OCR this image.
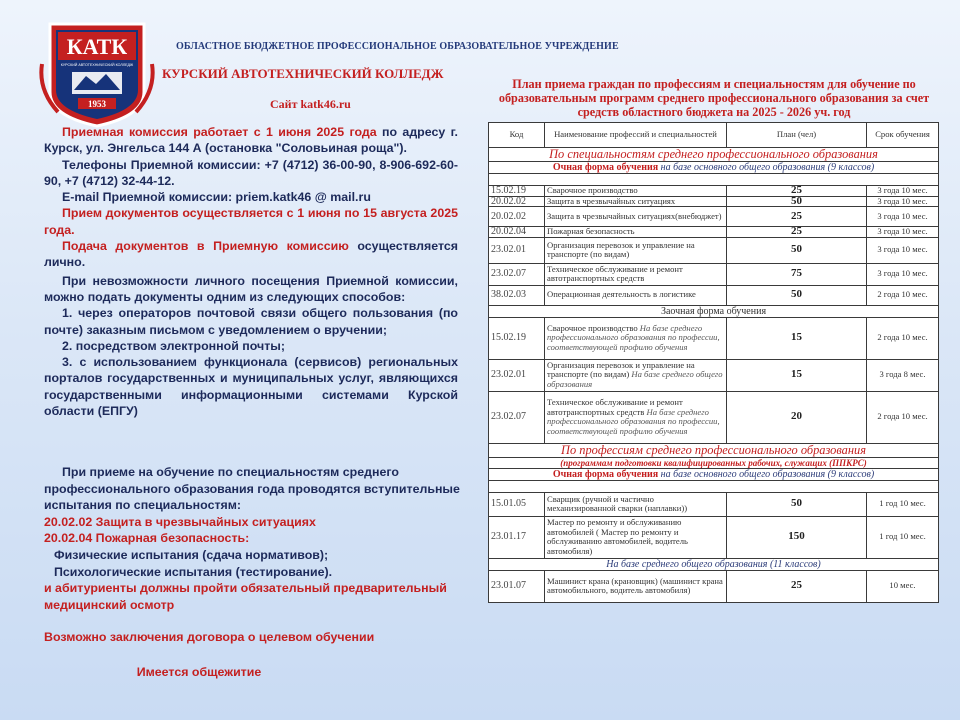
КАТК
КУРСКИЙ АВТОТЕХНИЧЕСКИЙ КОЛЛЕДЖ
1953
ОБЛАСТНОЕ БЮДЖЕТНОЕ ПРОФЕССИОНАЛЬНОЕ ОБРАЗОВАТЕЛЬНОЕ УЧРЕЖДЕНИЕ
КУРСКИЙ АВТОТЕХНИЧЕСКИЙ КОЛЛЕДЖ
Сайт katk46.ru

Приемная комиссия работает с 1 июня 2025 года по адресу г. Курск, ул. Энгельса 144 А (остановка "Соловьиная роща").

Телефоны Приемной комиссии: +7 (4712) 36-00-90, 8-906-692-60-90, +7 (4712) 32-44-12.

E-mail Приемной комиссии: priem.katk46 @ mail.ru

Прием документов осуществляется с 1 июня по 15 августа 2025 года.

Подача документов в Приемную комиссию осуществляется лично.

При невозможности личного посещения Приемной комиссии, можно подать документы одним из следующих способов:

1. через операторов почтовой связи общего пользования (по почте) заказным письмом с уведомлением о вручении;

2. посредством электронной почты;

3. с использованием функционала (сервисов) региональных порталов государственных и муниципальных услуг, являющихся государственными информационными системами Курской области (ЕПГУ)

При приеме на обучение по специальностям среднего профессионального образования года проводятся вступительные испытания по специальностям:

20.02.02 Защита в чрезвычайных ситуациях

20.02.04 Пожарная безопасность:

Физические испытания (сдача нормативов);

Психологические испытания (тестирование).

и абитуриенты должны пройти обязательный предварительный медицинский осмотр

Возможно заключения договора о целевом обучении

Имеется общежитие

План приема граждан по профессиям и специальностям для обучение по образовательным программ среднего профессионального образования за счет средств областного бюджета на 2025 - 2026 уч. год
Код	Наименование профессий и специальностей	План (чел)	Срок обучения
По специальностям среднего профессионального образования			
Очная форма обучения на базе основного общего образования (9 классов)			

15.02.19	Сварочное производство	25	3 года 10 мес.
20.02.02	Защита в чрезвычайных ситуациях	50	3 года 10 мес.
20.02.02	Защита в чрезвычайных ситуациях(внебюджет)	25	3 года 10 мес.
20.02.04	Пожарная безопасность	25	3 года 10 мес.
23.02.01	Организация перевозок и управление на транспорте (по видам)	50	3 года 10 мес.
23.02.07	Техническое обслуживание и ремонт автотранспортных средств	75	3 года 10 мес.
38.02.03	Операционная деятельность в логистике	50	2 года 10 мес.
Заочная форма обучения			
15.02.19	Сварочное производство На базе среднего профессионального образования по профессии, соответствующей профилю обучения	15	2 года 10 мес.
23.02.01	Организация перевозок и управление на транспорте (по видам) На базе среднего общего образования	15	3 года 8 мес.
23.02.07	Техническое обслуживание и ремонт автотранспортных средств На базе среднего профессионального образования по профессии, соответствующей профилю обучения	20	2 года 10 мес.
По профессиям среднего профессионального образования			
(программам подготовки квалифицированных рабочих, служащих (ППКРС)			
Очная форма обучения на базе основного общего образования (9 классов)			

15.01.05	Сварщик (ручной и частично механизированной сварки (наплавки))	50	1 год 10 мес.
23.01.17	Мастер по ремонту и обслуживанию автомобилей ( Мастер по ремонту и обслуживанию автомобилей, водитель автомобиля)	150	1 год 10 мес.
На базе среднего общего образования (11 классов)			
23.01.07	Машинист крана (крановщик) (машинист крана автомобильного, водитель автомобиля)	25	10 мес.
